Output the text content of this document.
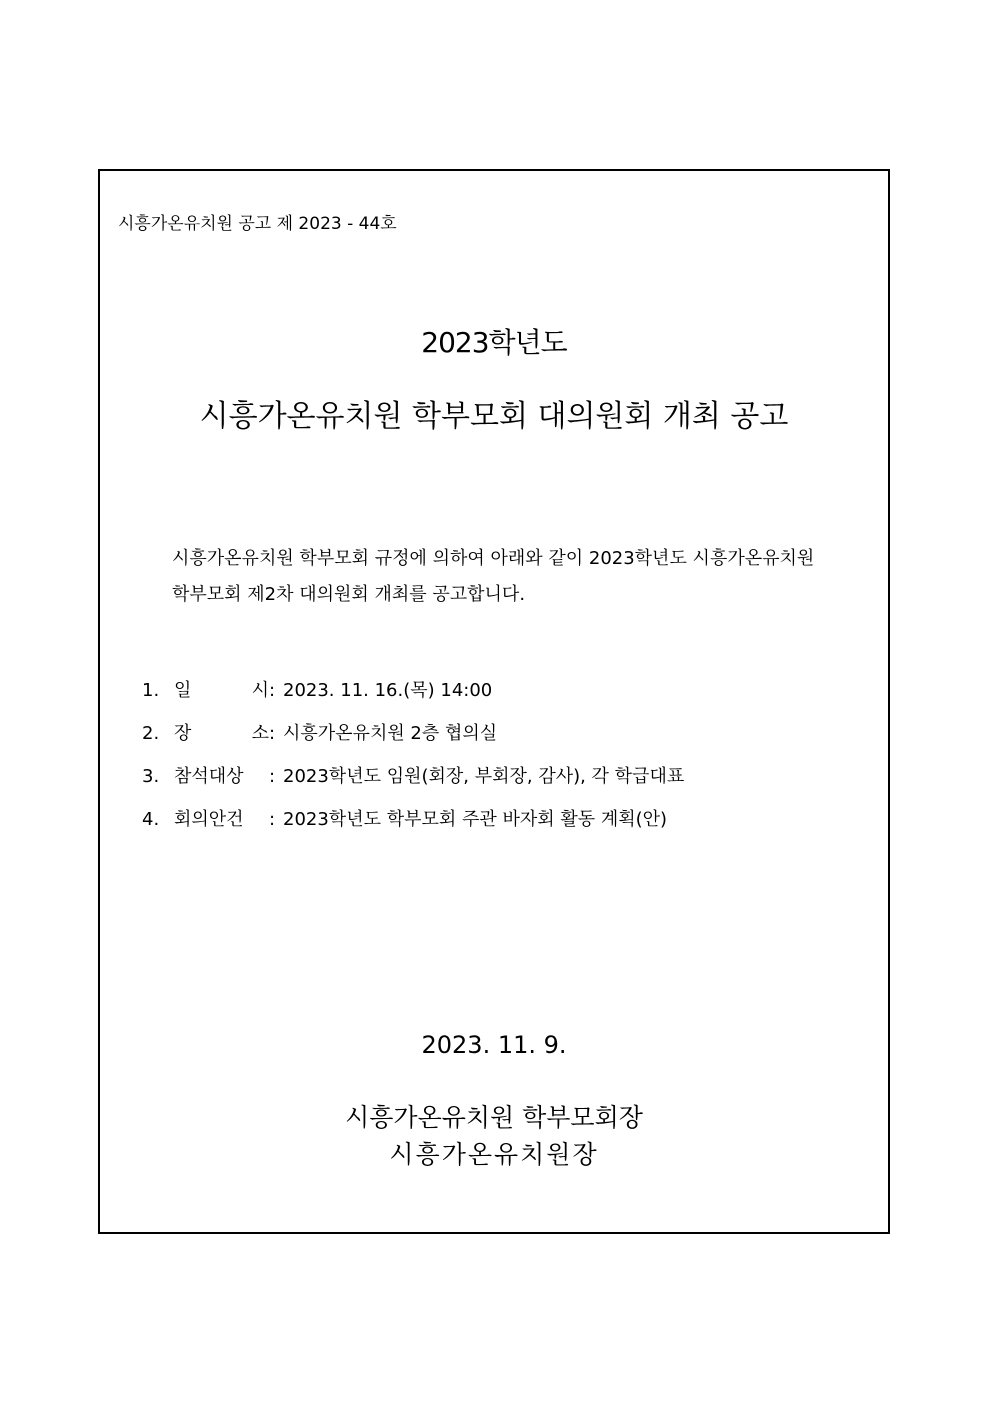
시흥가온유치원 공고 제 2023 - 44호
2023학년도
시흥가온유치원 학부모회 대의원회 개최 공고
시흥가온유치원 학부모회 규정에 의하여 아래와 같이 2023학년도 시흥가온유치원
학부모회 제2차 대의원회 개최를 공고합니다.
1. 일 시: 2023. 11. 16.(목) 14:00
2. 장 소: 시흥가온유치원 2층 협의실
3. 참석대상 : 2023학년도 임원(회장, 부회장, 감사), 각 학급대표
4. 회의안건 : 2023학년도 학부모회 주관 바자회 활동 계획(안)
2023. 11. 9.
시흥가온유치원 학부모회장
시흥가온유치원장
